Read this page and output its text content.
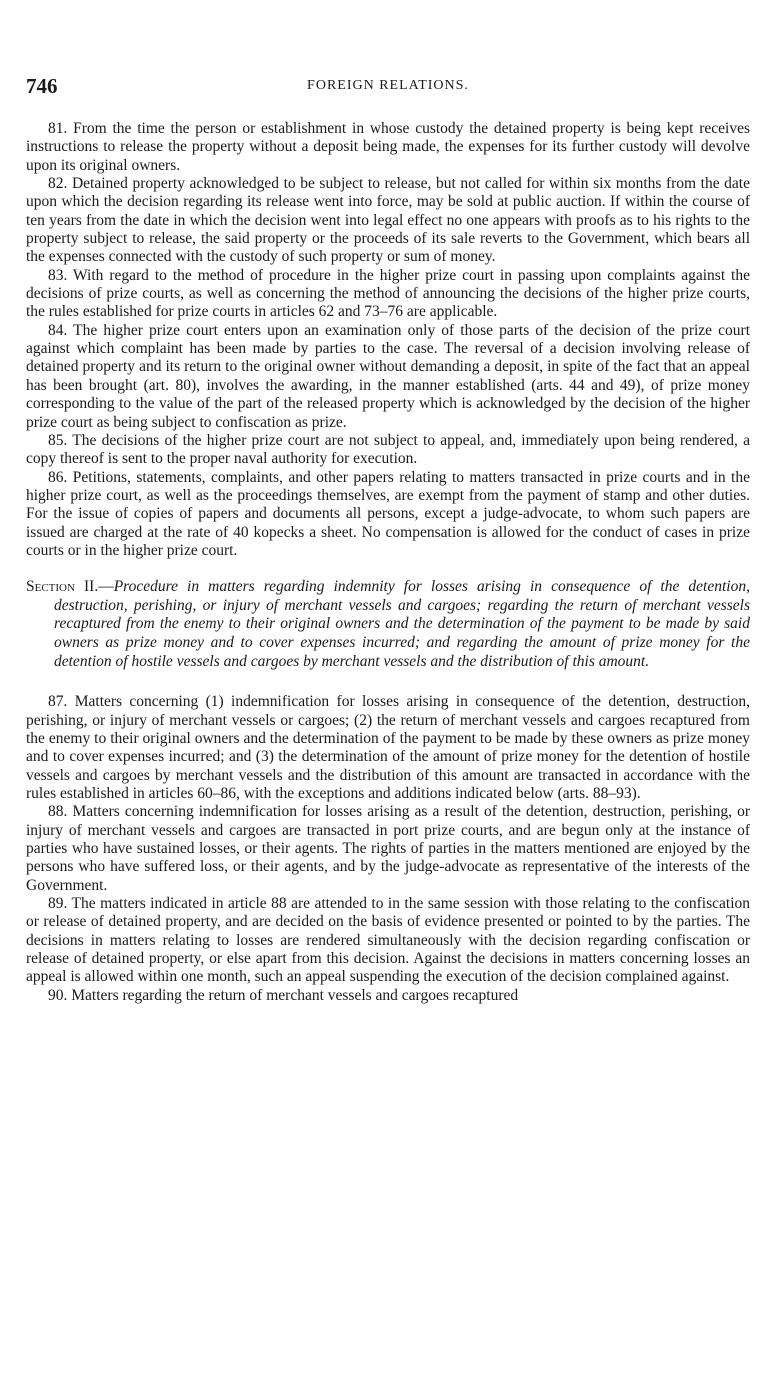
746	FOREIGN RELATIONS.

81. From the time the person or establishment in whose custody the detained property is being kept receives instructions to release the property without a deposit being made, the expenses for its further custody will devolve upon its original owners.

82. Detained property acknowledged to be subject to release, but not called for within six months from the date upon which the decision regarding its release went into force, may be sold at public auction. If within the course of ten years from the date in which the decision went into legal effect no one appears with proofs as to his rights to the property subject to release, the said property or the proceeds of its sale reverts to the Government, which bears all the expenses connected with the custody of such property or sum of money.

83. With regard to the method of procedure in the higher prize court in passing upon complaints against the decisions of prize courts, as well as concerning the method of announcing the decisions of the higher prize courts, the rules established for prize courts in articles 62 and 73–76 are applicable.

84. The higher prize court enters upon an examination only of those parts of the decision of the prize court against which complaint has been made by parties to the case. The reversal of a decision involving release of detained property and its return to the original owner without demanding a deposit, in spite of the fact that an appeal has been brought (art. 80), involves the awarding, in the manner established (arts. 44 and 49), of prize money corresponding to the value of the part of the released property which is acknowledged by the decision of the higher prize court as being subject to confiscation as prize.

85. The decisions of the higher prize court are not subject to appeal, and, immediately upon being rendered, a copy thereof is sent to the proper naval authority for execution.

86. Petitions, statements, complaints, and other papers relating to matters transacted in prize courts and in the higher prize court, as well as the proceedings themselves, are exempt from the payment of stamp and other duties. For the issue of copies of papers and documents all persons, except a judge-advocate, to whom such papers are issued are charged at the rate of 40 kopecks a sheet. No compensation is allowed for the conduct of cases in prize courts or in the higher prize court.

Section II.—Procedure in matters regarding indemnity for losses arising in consequence of the detention, destruction, perishing, or injury of merchant vessels and cargoes; regarding the return of merchant vessels recaptured from the enemy to their original owners and the determination of the payment to be made by said owners as prize money and to cover expenses incurred; and regarding the amount of prize money for the detention of hostile vessels and cargoes by merchant vessels and the distribution of this amount.

87. Matters concerning (1) indemnification for losses arising in consequence of the detention, destruction, perishing, or injury of merchant vessels or cargoes; (2) the return of merchant vessels and cargoes recaptured from the enemy to their original owners and the determination of the payment to be made by these owners as prize money and to cover expenses incurred; and (3) the determination of the amount of prize money for the detention of hostile vessels and cargoes by merchant vessels and the distribution of this amount are transacted in accordance with the rules established in articles 60–86, with the exceptions and additions indicated below (arts. 88–93).

88. Matters concerning indemnification for losses arising as a result of the detention, destruction, perishing, or injury of merchant vessels and cargoes are transacted in port prize courts, and are begun only at the instance of parties who have sustained losses, or their agents. The rights of parties in the matters mentioned are enjoyed by the persons who have suffered loss, or their agents, and by the judge-advocate as representative of the interests of the Government.

89. The matters indicated in article 88 are attended to in the same session with those relating to the confiscation or release of detained property, and are decided on the basis of evidence presented or pointed to by the parties. The decisions in matters relating to losses are rendered simultaneously with the decision regarding confiscation or release of detained property, or else apart from this decision. Against the decisions in matters concerning losses an appeal is allowed within one month, such an appeal suspending the execution of the decision complained against.

90. Matters regarding the return of merchant vessels and cargoes recaptured
